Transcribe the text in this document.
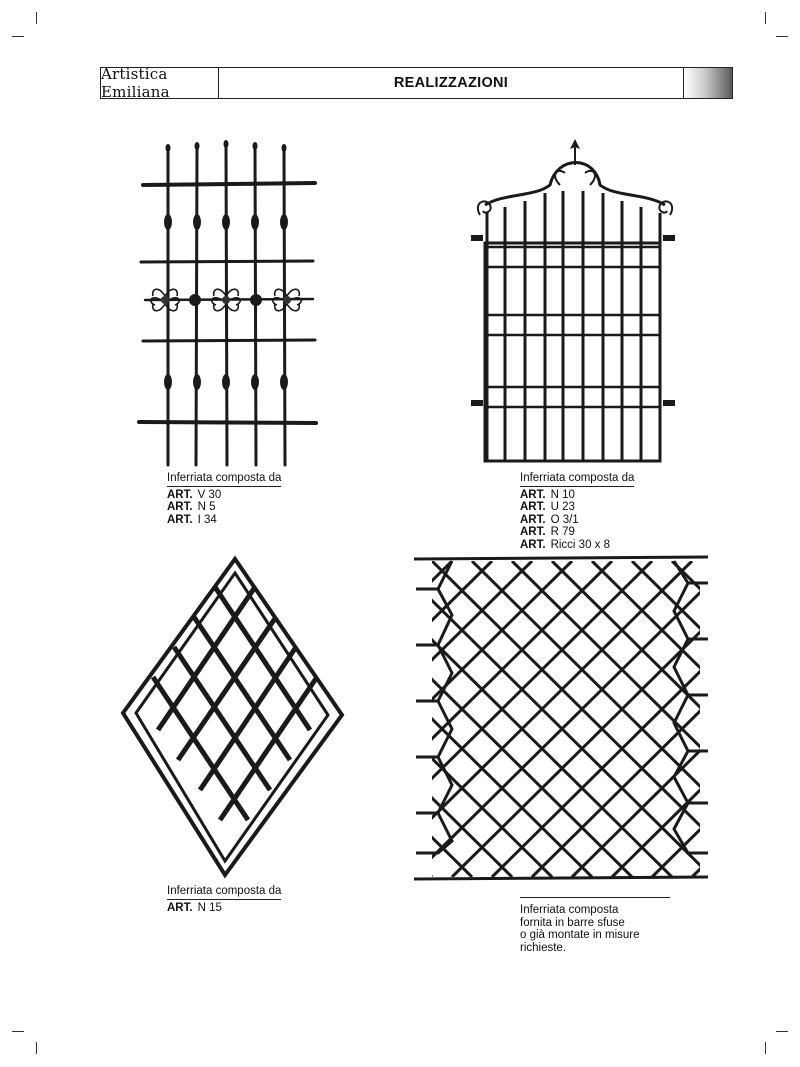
Artistica Emiliana	REALIZZAZIONI
Inferriata composta da
ART. V 30
ART. N 5
ART. I 34
Inferriata composta da
ART. N 10
ART. U 23
ART. O 3/1
ART. R 79
ART. Ricci 30 x 8
Inferriata composta da
ART. N 15	Inferriata composta
fornita in barre sfuse
o già montate in misure
richieste.
